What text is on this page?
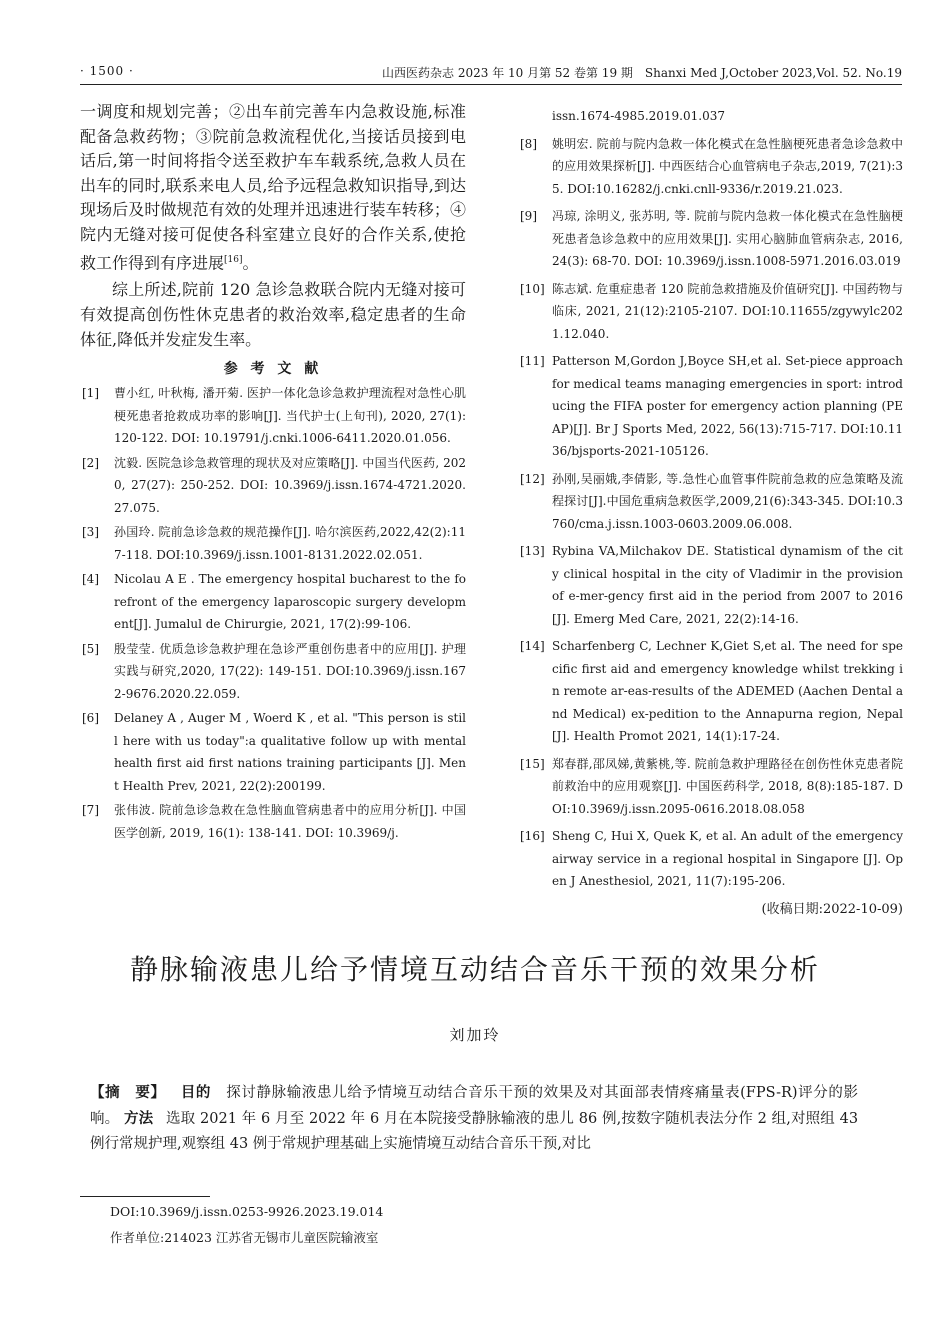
· 1500 ·	山西医药杂志 2023 年 10 月第 52 卷第 19 期　Shanxi Med J,October 2023,Vol. 52. No.19

一调度和规划完善；②出车前完善车内急救设施,标准配备急救药物；③院前急救流程优化,当接话员接到电话后,第一时间将指令送至救护车车载系统,急救人员在出车的同时,联系来电人员,给予远程急救知识指导,到达现场后及时做规范有效的处理并迅速进行装车转移；④院内无缝对接可促使各科室建立良好的合作关系,使抢救工作得到有序进展[16]。

综上所述,院前 120 急诊急救联合院内无缝对接可有效提高创伤性休克患者的救治效率,稳定患者的生命体征,降低并发症发生率。

参 考 文 献
[1] 曹小红, 叶秋梅, 潘开菊. 医护一体化急诊急救护理流程对急性心肌梗死患者抢救成功率的影响[J]. 当代护士(上旬刊), 2020, 27(1): 120-122. DOI: 10.19791/j.cnki.1006-6411.2020.01.056.
[2] 沈毅. 医院急诊急救管理的现状及对应策略[J]. 中国当代医药, 2020, 27(27): 250-252. DOI: 10.3969/j.issn.1674-4721.2020.27.075.
[3] 孙国玲. 院前急诊急救的规范操作[J]. 哈尔滨医药,2022,42(2):117-118. DOI:10.3969/j.issn.1001-8131.2022.02.051.
[4] Nicolau A E . The emergency hospital bucharest to the forefront of the emergency laparoscopic surgery development[J]. Jumalul de Chirurgie, 2021, 17(2):99-106.
[5] 殷莹莹. 优质急诊急救护理在急诊严重创伤患者中的应用[J]. 护理实践与研究,2020, 17(22): 149-151. DOI:10.3969/j.issn.1672-9676.2020.22.059.
[6] Delaney A , Auger M , Woerd K , et al. "This person is still here with us today":a qualitative follow up with mental health first aid first nations training participants [J]. Ment Health Prev, 2021, 22(2):200199.
[7] 张伟波. 院前急诊急救在急性脑血管病患者中的应用分析[J]. 中国医学创新, 2019, 16(1): 138-141. DOI: 10.3969/j.
issn.1674-4985.2019.01.037
[8] 姚明宏. 院前与院内急救一体化模式在急性脑梗死患者急诊急救中的应用效果探析[J]. 中西医结合心血管病电子杂志,2019, 7(21):35. DOI:10.16282/j.cnki.cnll-9336/r.2019.21.023.
[9] 冯琼, 涂明义, 张苏明, 等. 院前与院内急救一体化模式在急性脑梗死患者急诊急救中的应用效果[J]. 实用心脑肺血管病杂志, 2016, 24(3): 68-70. DOI: 10.3969/j.issn.1008-5971.2016.03.019
[10] 陈志斌. 危重症患者 120 院前急救措施及价值研究[J]. 中国药物与临床, 2021, 21(12):2105-2107. DOI:10.11655/zgywylc2021.12.040.
[11] Patterson M,Gordon J,Boyce SH,et al. Set-piece approach for medical teams managing emergencies in sport: introducing the FIFA poster for emergency action planning (PEAP)[J]. Br J Sports Med, 2022, 56(13):715-717. DOI:10.1136/bjsports-2021-105126.
[12] 孙刚,吴丽娥,李倩影, 等.急性心血管事件院前急救的应急策略及流程探讨[J].中国危重病急救医学,2009,21(6):343-345. DOI:10.3760/cma.j.issn.1003-0603.2009.06.008.
[13] Rybina VA,Milchakov DE. Statistical dynamism of the city clinical hospital in the city of Vladimir in the provision of e-mer-gency first aid in the period from 2007 to 2016[J]. Emerg Med Care, 2021, 22(2):14-16.
[14] Scharfenberg C, Lechner K,Giet S,et al. The need for specific first aid and emergency knowledge whilst trekking in remote ar-eas-results of the ADEMED (Aachen Dental and Medical) ex-pedition to the Annapurna region, Nepal [J]. Health Promot 2021, 14(1):17-24.
[15] 郑春群,邵凤娣,黄紫桃,等. 院前急救护理路径在创伤性休克患者院前救治中的应用观察[J]. 中国医药科学, 2018, 8(8):185-187. DOI:10.3969/j.issn.2095-0616.2018.08.058
[16] Sheng C, Hui X, Quek K, et al. An adult of the emergency airway service in a regional hospital in Singapore [J]. Open J Anesthesiol, 2021, 11(7):195-206.
(收稿日期:2022-10-09)
静脉输液患儿给予情境互动结合音乐干预的效果分析
刘加玲
【摘　要】 目的 探讨静脉输液患儿给予情境互动结合音乐干预的效果及对其面部表情疼痛量表(FPS-R)评分的影响。 方法 选取 2021 年 6 月至 2022 年 6 月在本院接受静脉输液的患儿 86 例,按数字随机表法分作 2 组,对照组 43 例行常规护理,观察组 43 例于常规护理基础上实施情境互动结合音乐干预,对比
DOI:10.3969/j.issn.0253-9926.2023.19.014
作者单位:214023 江苏省无锡市儿童医院输液室
